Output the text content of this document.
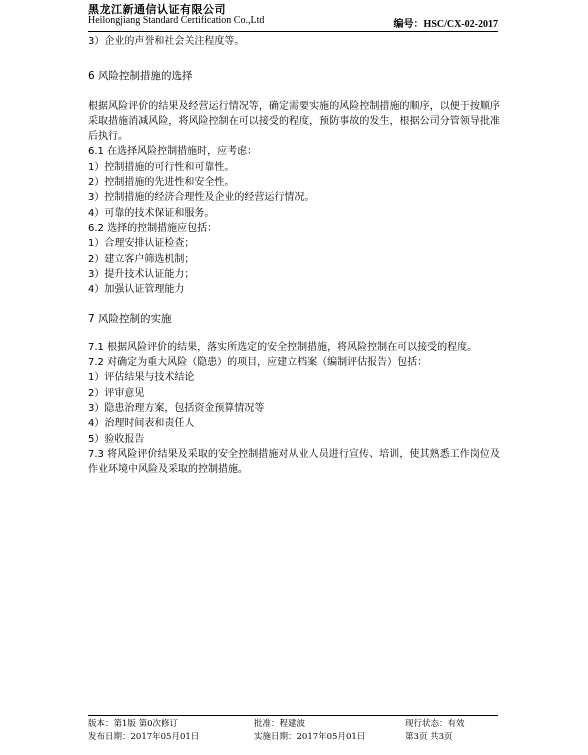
黑龙江新通信认证有限公司
Heilongjiang Standard Certification Co.,Ltd	编号：HSC/CX-02-2017

3）企业的声誉和社会关注程度等。

6 风险控制措施的选择

根据风险评价的结果及经营运行情况等，确定需要实施的风险控制措施的顺序，以便于按顺序采取措施消减风险，将风险控制在可以接受的程度，预防事故的发生，根据公司分管领导批准后执行。

6.1 在选择风险控制措施时，应考虑：

1）控制措施的可行性和可靠性。

2）控制措施的先进性和安全性。

3）控制措施的经济合理性及企业的经营运行情况。

4）可靠的技术保证和服务。

6.2 选择的控制措施应包括：

1）合理安排认证检查；

2）建立客户筛选机制；

3）提升技术认证能力；

4）加强认证管理能力

7 风险控制的实施

7.1 根据风险评价的结果，落实所选定的安全控制措施，将风险控制在可以接受的程度。

7.2 对确定为重大风险（隐患）的项目，应建立档案（编制评估报告）包括：

1）评估结果与技术结论

2）评审意见

3）隐患治理方案，包括资金预算情况等

4）治理时间表和责任人

5）验收报告

7.3 将风险评价结果及采取的安全控制措施对从业人员进行宣传、培训，使其熟悉工作岗位及作业环境中风险及采取的控制措施。

版本：第1版 第0次修订	批准：程建波	现行状态：有效
发布日期：2017年05月01日	实施日期：2017年05月01日	第3页 共3页
